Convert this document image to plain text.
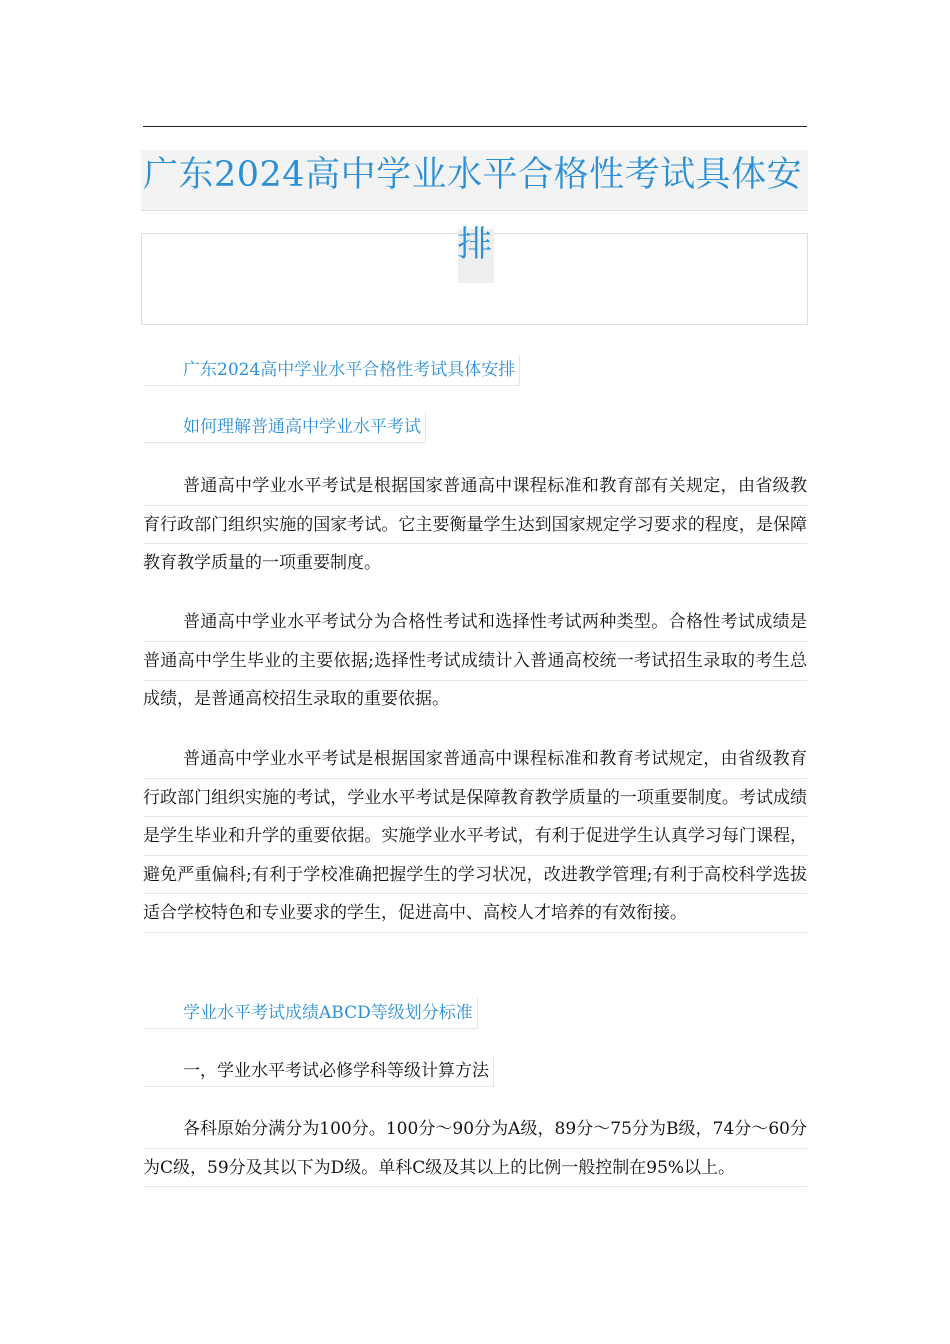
广东2024高中学业水平合格性考试具体安
排
广东2024高中学业水平合格性考试具体安排
如何理解普通高中学业水平考试

普通高中学业水平考试是根据国家普通高中课程标准和教育部有关规定，由省级教育行政部门组织实施的国家考试。它主要衡量学生达到国家规定学习要求的程度，是保障教育教学质量的一项重要制度。

普通高中学业水平考试分为合格性考试和选择性考试两种类型。合格性考试成绩是普通高中学生毕业的主要依据;选择性考试成绩计入普通高校统一考试招生录取的考生总成绩，是普通高校招生录取的重要依据。

普通高中学业水平考试是根据国家普通高中课程标准和教育考试规定，由省级教育行政部门组织实施的考试，学业水平考试是保障教育教学质量的一项重要制度。考试成绩是学生毕业和升学的重要依据。实施学业水平考试，有利于促进学生认真学习每门课程，避免严重偏科;有利于学校准确把握学生的学习状况，改进教学管理;有利于高校科学选拔适合学校特色和专业要求的学生，促进高中、高校人才培养的有效衔接。

学业水平考试成绩ABCD等级划分标准
一，学业水平考试必修学科等级计算方法

各科原始分满分为100分。100分～90分为A级，89分～75分为B级，74分～60分为C级，59分及其以下为D级。单科C级及其以上的比例一般控制在95%以上。
